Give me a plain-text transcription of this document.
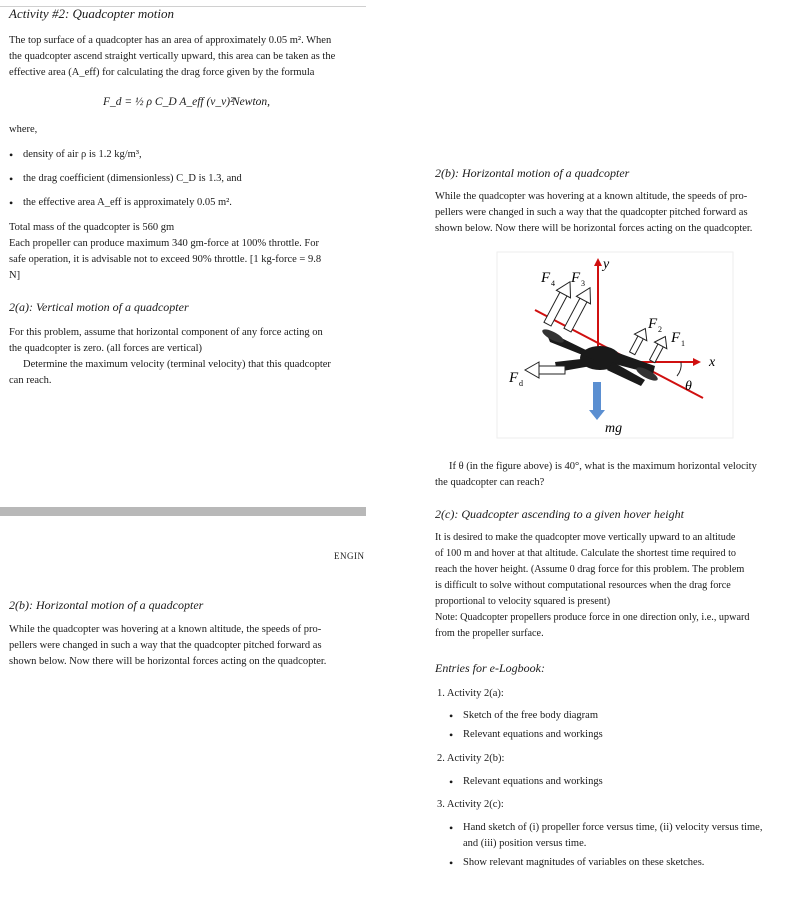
Activity #2: Quadcopter motion
The top surface of a quadcopter has an area of approximately 0.05 m². When
the quadcopter ascend straight vertically upward, this area can be taken as the
effective area (A_eff) for calculating the drag force given by the formula
F_d = ½ ρ C_D A_eff (v_v)²
Newton,
where,
• density of air ρ is 1.2 kg/m³,
• the drag coefficient (dimensionless) C_D is 1.3, and
• the effective area A_eff is approximately 0.05 m².
Total mass of the quadcopter is 560 gm
Each propeller can produce maximum 340 gm-force at 100% throttle. For
safe operation, it is advisable not to exceed 90% throttle. [1 kg-force = 9.8
N]
2(a): Vertical motion of a quadcopter
For this problem, assume that horizontal component of any force acting on
the quadcopter is zero. (all forces are vertical)
Determine the maximum velocity (terminal velocity) that this quadcopter
can reach.
ENGIN
2(b): Horizontal motion of a quadcopter
While the quadcopter was hovering at a known altitude, the speeds of pro-
pellers were changed in such a way that the quadcopter pitched forward as
shown below. Now there will be horizontal forces acting on the quadcopter.
2(b): Horizontal motion of a quadcopter
While the quadcopter was hovering at a known altitude, the speeds of pro-
pellers were changed in such a way that the quadcopter pitched forward as
shown below. Now there will be horizontal forces acting on the quadcopter.
y
x
F 4 F 3
F 2
F 1
F d
mg
θ
If θ (in the figure above) is 40°, what is the maximum horizontal velocity
the quadcopter can reach?
2(c): Quadcopter ascending to a given hover height
It is desired to make the quadcopter move vertically upward to an altitude
of 100 m and hover at that altitude. Calculate the shortest time required to
reach the hover height. (Assume 0 drag force for this problem. The problem
is difficult to solve without computational resources when the drag force
proportional to velocity squared is present)
Note: Quadcopter propellers produce force in one direction only, i.e., upward
from the propeller surface.
Entries for e-Logbook:
1. Activity 2(a):
• Sketch of the free body diagram
• Relevant equations and workings
2. Activity 2(b):
• Relevant equations and workings
3. Activity 2(c):
• Hand sketch of (i) propeller force versus time, (ii) velocity versus time,
and (iii) position versus time.
• Show relevant magnitudes of variables on these sketches.
